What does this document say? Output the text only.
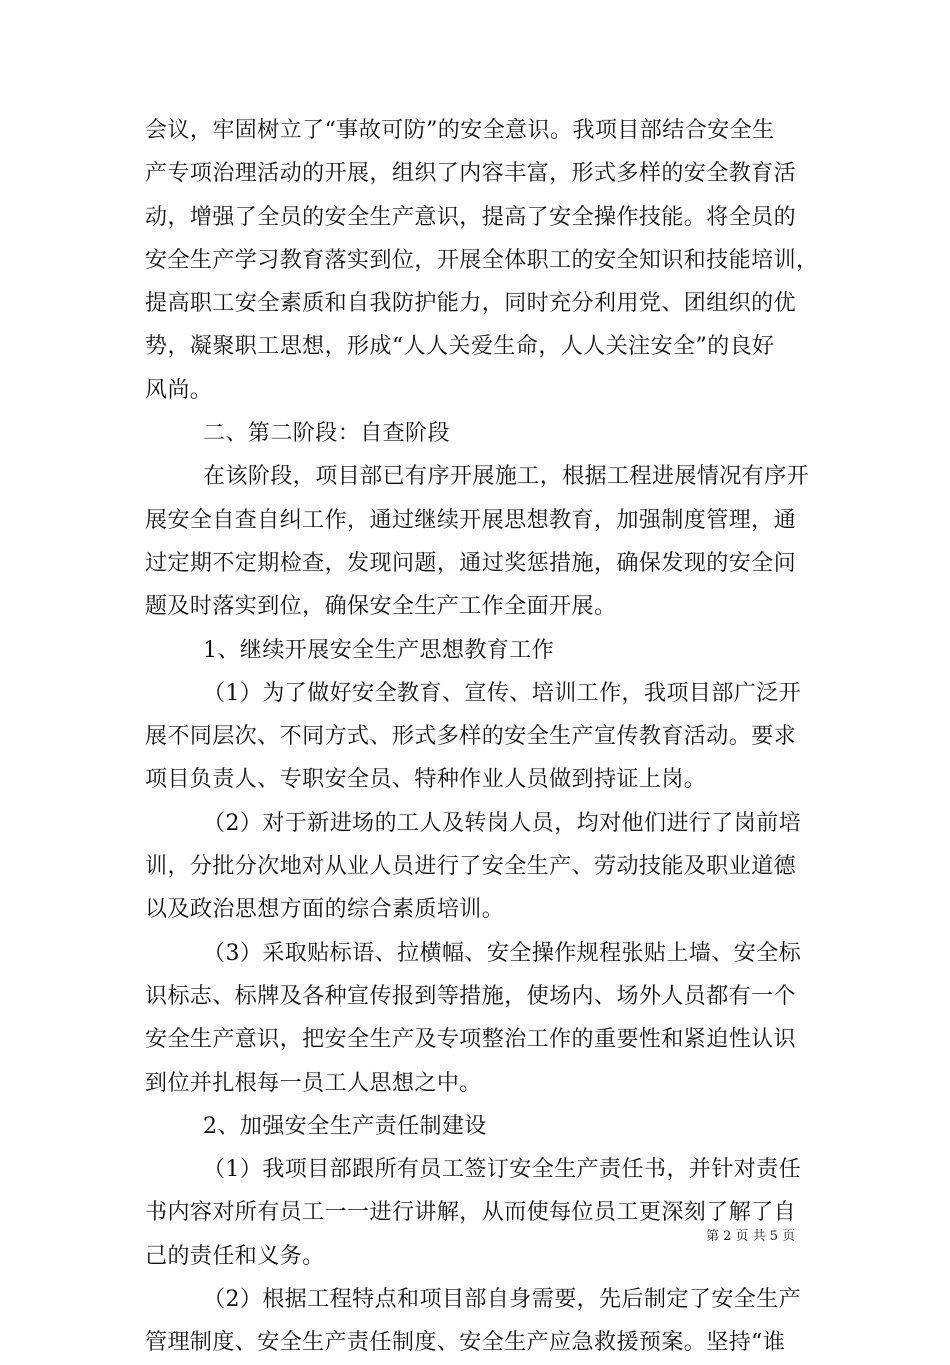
会议，牢固树立了“事故可防”的安全意识。我项目部结合安全生
产专项治理活动的开展，组织了内容丰富，形式多样的安全教育活
动，增强了全员的安全生产意识，提高了安全操作技能。将全员的
安全生产学习教育落实到位，开展全体职工的安全知识和技能培训，
提高职工安全素质和自我防护能力，同时充分利用党、团组织的优
势，凝聚职工思想，形成“人人关爱生命，人人关注安全”的良好
风尚。
二、第二阶段：自查阶段
在该阶段，项目部已有序开展施工，根据工程进展情况有序开
展安全自查自纠工作，通过继续开展思想教育，加强制度管理，通
过定期不定期检查，发现问题，通过奖惩措施，确保发现的安全问
题及时落实到位，确保安全生产工作全面开展。
1、继续开展安全生产思想教育工作
（1）为了做好安全教育、宣传、培训工作，我项目部广泛开
展不同层次、不同方式、形式多样的安全生产宣传教育活动。要求
项目负责人、专职安全员、特种作业人员做到持证上岗。
（2）对于新进场的工人及转岗人员，均对他们进行了岗前培
训，分批分次地对从业人员进行了安全生产、劳动技能及职业道德
以及政治思想方面的综合素质培训。
（3）采取贴标语、拉横幅、安全操作规程张贴上墙、安全标
识标志、标牌及各种宣传报到等措施，使场内、场外人员都有一个
安全生产意识，把安全生产及专项整治工作的重要性和紧迫性认识
到位并扎根每一员工人思想之中。
2、加强安全生产责任制建设
（1）我项目部跟所有员工签订安全生产责任书，并针对责任
书内容对所有员工一一进行讲解，从而使每位员工更深刻了解了自
己的责任和义务。
（2）根据工程特点和项目部自身需要，先后制定了安全生产
管理制度、安全生产责任制度、安全生产应急救援预案。坚持“谁
第 2 页 共 5 页
